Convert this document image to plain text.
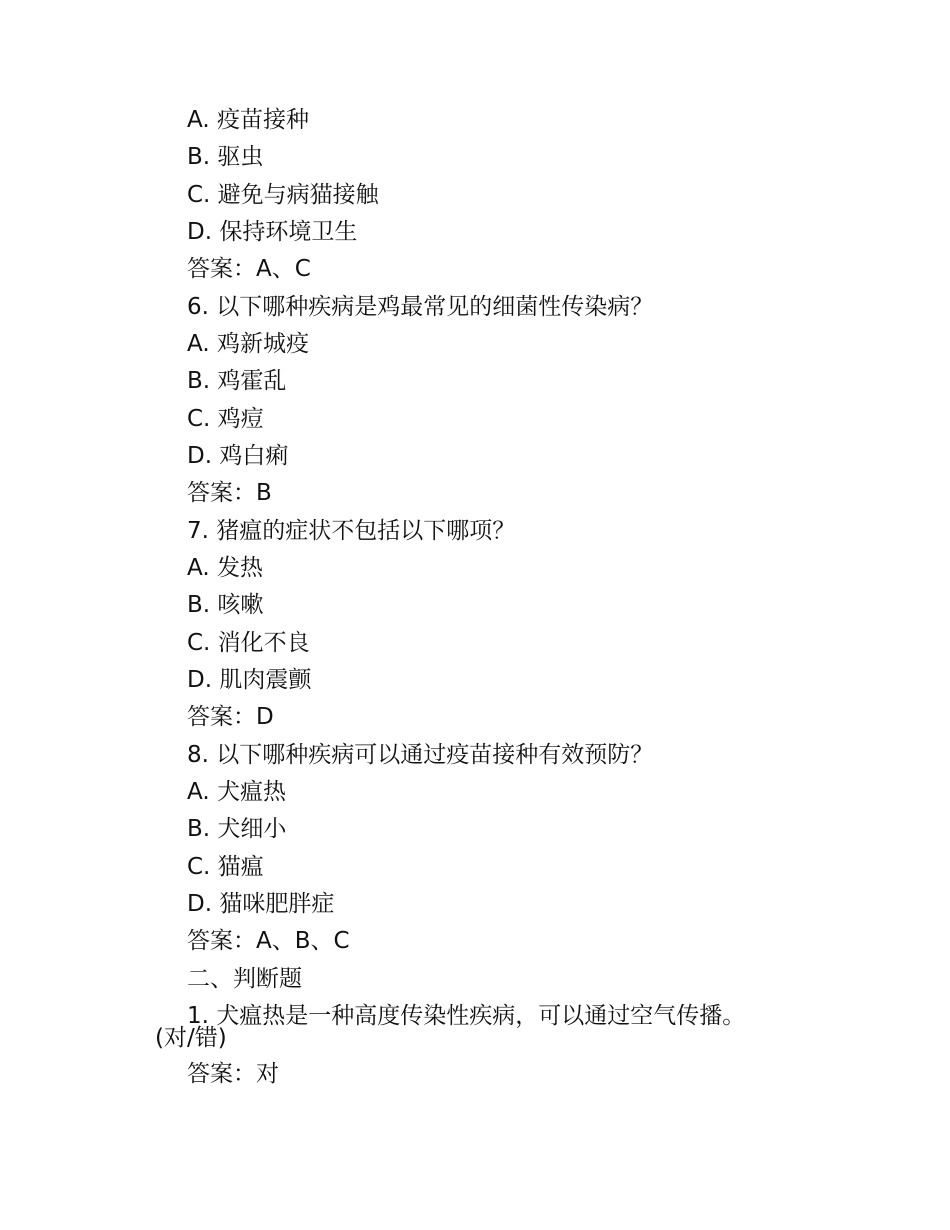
A. 疫苗接种
B. 驱虫
C. 避免与病猫接触
D. 保持环境卫生
答案：A、C
6. 以下哪种疾病是鸡最常见的细菌性传染病？
A. 鸡新城疫
B. 鸡霍乱
C. 鸡痘
D. 鸡白痢
答案：B
7. 猪瘟的症状不包括以下哪项？
A. 发热
B. 咳嗽
C. 消化不良
D. 肌肉震颤
答案：D
8. 以下哪种疾病可以通过疫苗接种有效预防？
A. 犬瘟热
B. 犬细小
C. 猫瘟
D. 猫咪肥胖症
答案：A、B、C
二、判断题
1. 犬瘟热是一种高度传染性疾病，可以通过空气传播。
(对/错)
答案：对
